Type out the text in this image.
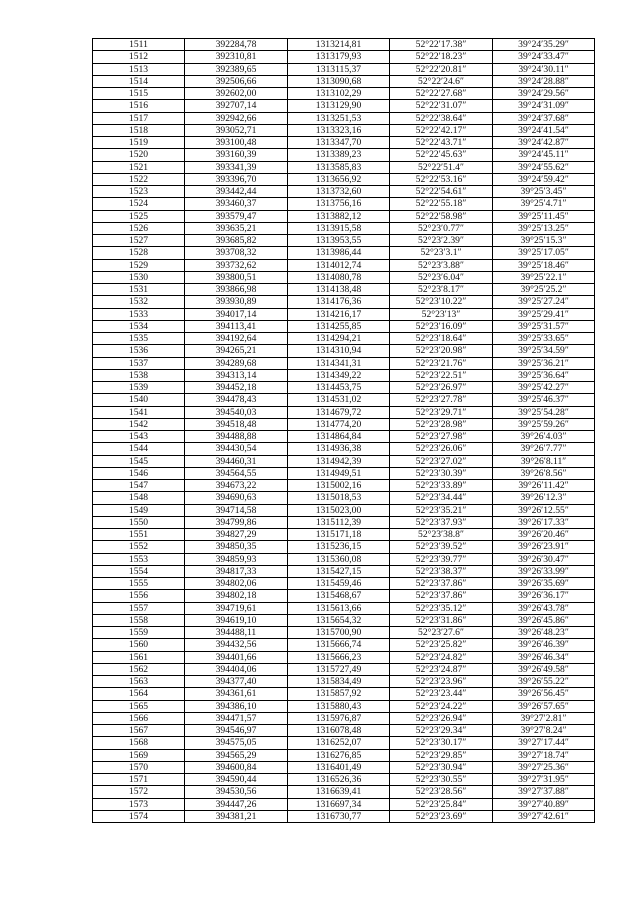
1511	392284,78	1313214,81	52°22′17.38″	39°24′35.29″
1512	392310,81	1313179,93	52°22′18.23″	39°24′33.47″
1513	392389,65	1313115,37	52°22′20.81″	39°24′30.11″
1514	392506,66	1313090,68	52°22′24.6″	39°24′28.88″
1515	392602,00	1313102,29	52°22′27.68″	39°24′29.56″
1516	392707,14	1313129,90	52°22′31.07″	39°24′31.09″
1517	392942,66	1313251,53	52°22′38.64″	39°24′37.68″
1518	393052,71	1313323,16	52°22′42.17″	39°24′41.54″
1519	393100,48	1313347,70	52°22′43.71″	39°24′42.87″
1520	393160,39	1313389,23	52°22′45.63″	39°24′45.11″
1521	393341,39	1313585,83	52°22′51.4″	39°24′55.62″
1522	393396,70	1313656,92	52°22′53.16″	39°24′59.42″
1523	393442,44	1313732,60	52°22′54.61″	39°25′3.45″
1524	393460,37	1313756,16	52°22′55.18″	39°25′4.71″
1525	393579,47	1313882,12	52°22′58.98″	39°25′11.45″
1526	393635,21	1313915,58	52°23′0.77″	39°25′13.25″
1527	393685,82	1313953,55	52°23′2.39″	39°25′15.3″
1528	393708,32	1313986,44	52°23′3.1″	39°25′17.05″
1529	393732,62	1314012,74	52°23′3.88″	39°25′18.46″
1530	393800,51	1314080,78	52°23′6.04″	39°25′22.1″
1531	393866,98	1314138,48	52°23′8.17″	39°25′25.2″
1532	393930,89	1314176,36	52°23′10.22″	39°25′27.24″
1533	394017,14	1314216,17	52°23′13″	39°25′29.41″
1534	394113,41	1314255,85	52°23′16.09″	39°25′31.57″
1535	394192,64	1314294,21	52°23′18.64″	39°25′33.65″
1536	394265,21	1314310,94	52°23′20.98″	39°25′34.59″
1537	394289,68	1314341,31	52°23′21.76″	39°25′36.21″
1538	394313,14	1314349,22	52°23′22.51″	39°25′36.64″
1539	394452,18	1314453,75	52°23′26.97″	39°25′42.27″
1540	394478,43	1314531,02	52°23′27.78″	39°25′46.37″
1541	394540,03	1314679,72	52°23′29.71″	39°25′54.28″
1542	394518,48	1314774,20	52°23′28.98″	39°25′59.26″
1543	394488,88	1314864,84	52°23′27.98″	39°26′4.03″
1544	394430,54	1314936,38	52°23′26.06″	39°26′7.77″
1545	394460,31	1314942,39	52°23′27.02″	39°26′8.11″
1546	394564,55	1314949,51	52°23′30.39″	39°26′8.56″
1547	394673,22	1315002,16	52°23′33.89″	39°26′11.42″
1548	394690,63	1315018,53	52°23′34.44″	39°26′12.3″
1549	394714,58	1315023,00	52°23′35.21″	39°26′12.55″
1550	394799,86	1315112,39	52°23′37.93″	39°26′17.33″
1551	394827,29	1315171,18	52°23′38.8″	39°26′20.46″
1552	394850,35	1315236,15	52°23′39.52″	39°26′23.91″
1553	394859,93	1315360,08	52°23′39.77″	39°26′30.47″
1554	394817,33	1315427,15	52°23′38.37″	39°26′33.99″
1555	394802,06	1315459,46	52°23′37.86″	39°26′35.69″
1556	394802,18	1315468,67	52°23′37.86″	39°26′36.17″
1557	394719,61	1315613,66	52°23′35.12″	39°26′43.78″
1558	394619,10	1315654,32	52°23′31.86″	39°26′45.86″
1559	394488,11	1315700,90	52°23′27.6″	39°26′48.23″
1560	394432,56	1315666,74	52°23′25.82″	39°26′46.39″
1561	394401,66	1315666,23	52°23′24.82″	39°26′46.34″
1562	394404,06	1315727,49	52°23′24.87″	39°26′49.58″
1563	394377,40	1315834,49	52°23′23.96″	39°26′55.22″
1564	394361,61	1315857,92	52°23′23.44″	39°26′56.45″
1565	394386,10	1315880,43	52°23′24.22″	39°26′57.65″
1566	394471,57	1315976,87	52°23′26.94″	39°27′2.81″
1567	394546,97	1316078,48	52°23′29.34″	39°27′8.24″
1568	394575,05	1316252,07	52°23′30.17″	39°27′17.44″
1569	394565,29	1316276,85	52°23′29.85″	39°27′18.74″
1570	394600,84	1316401,49	52°23′30.94″	39°27′25.36″
1571	394590,44	1316526,36	52°23′30.55″	39°27′31.95″
1572	394530,56	1316639,41	52°23′28.56″	39°27′37.88″
1573	394447,26	1316697,34	52°23′25.84″	39°27′40.89″
1574	394381,21	1316730,77	52°23′23.69″	39°27′42.61″
